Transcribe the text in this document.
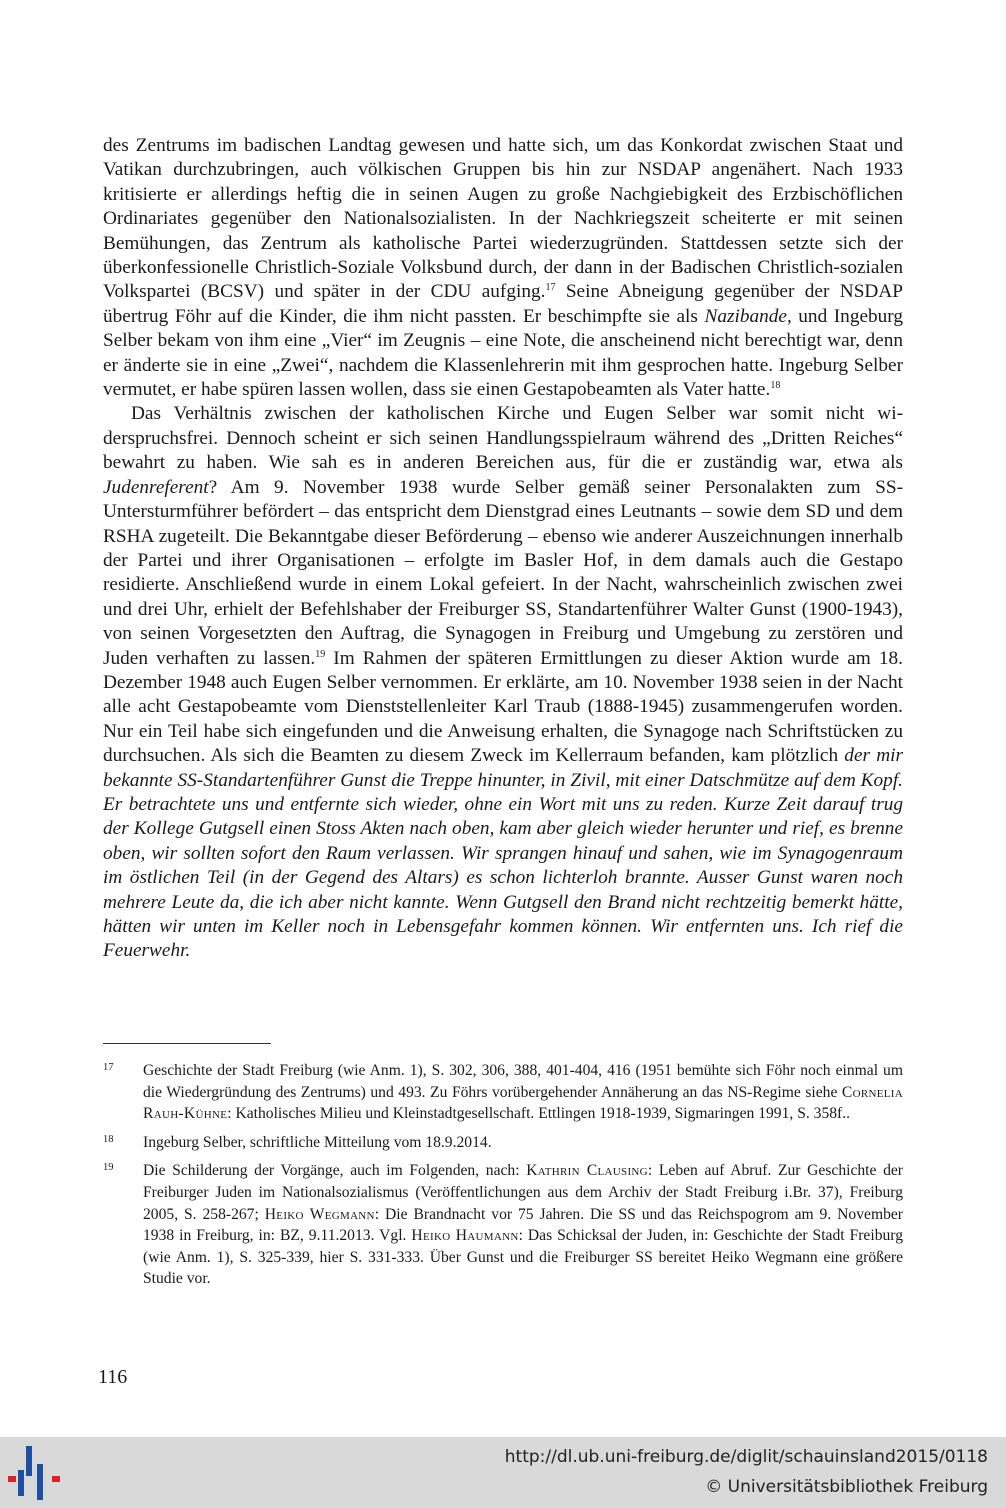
des Zentrums im badischen Landtag gewesen und hatte sich, um das Konkordat zwischen Staat und Vatikan durchzubringen, auch völkischen Gruppen bis hin zur NSDAP angenähert. Nach 1933 kritisierte er allerdings heftig die in seinen Augen zu große Nachgiebigkeit des Erzbischöflichen Ordinariates gegenüber den Nationalsozialisten. In der Nachkriegszeit scheiterte er mit seinen Bemühungen, das Zentrum als katholische Partei wiederzugründen. Stattdessen setzte sich der überkonfessionelle Christlich-Soziale Volksbund durch, der dann in der Badischen Christlich-sozialen Volkspartei (BCSV) und später in der CDU aufging.$^{17}$ Seine Abneigung gegenüber der NSDAP übertrug Föhr auf die Kinder, die ihm nicht passten. Er beschimpfte sie als Nazibande, und Ingeburg Selber bekam von ihm eine „Vier“ im Zeugnis – eine Note, die anscheinend nicht berechtigt war, denn er änderte sie in eine „Zwei“, nachdem die Klassenlehrerin mit ihm gesprochen hatte. Ingeburg Selber vermutet, er habe spüren lassen wollen, dass sie einen Gestapobeamten als Vater hatte.$^{18}$

Das Verhältnis zwischen der katholischen Kirche und Eugen Selber war somit nicht widerspruchsfrei. Dennoch scheint er sich seinen Handlungsspielraum während des „Dritten Reiches“ bewahrt zu haben. Wie sah es in anderen Bereichen aus, für die er zuständig war, etwa als Judenreferent? Am 9. November 1938 wurde Selber gemäß seiner Personalakten zum SS-Untersturmführer befördert – das entspricht dem Dienstgrad eines Leutnants – sowie dem SD und dem RSHA zugeteilt. Die Bekanntgabe dieser Beförderung – ebenso wie anderer Auszeichnungen innerhalb der Partei und ihrer Organisationen – erfolgte im Basler Hof, in dem damals auch die Gestapo residierte. Anschließend wurde in einem Lokal gefeiert. In der Nacht, wahrscheinlich zwischen zwei und drei Uhr, erhielt der Befehlshaber der Freiburger SS, Standartenführer Walter Gunst (1900-1943), von seinen Vorgesetzten den Auftrag, die Synagogen in Freiburg und Umgebung zu zerstören und Juden verhaften zu lassen.$^{19}$ Im Rahmen der späteren Ermittlungen zu dieser Aktion wurde am 18. Dezember 1948 auch Eugen Selber vernommen. Er erklärte, am 10. November 1938 seien in der Nacht alle acht Gestapobeamte vom Dienststellenleiter Karl Traub (1888-1945) zusammengerufen worden. Nur ein Teil habe sich eingefunden und die Anweisung erhalten, die Synagoge nach Schriftstücken zu durchsuchen. Als sich die Beamten zu diesem Zweck im Kellerraum befanden, kam plötzlich der mir bekannte SS-Standartenführer Gunst die Treppe hinunter, in Zivil, mit einer Datschmütze auf dem Kopf. Er betrachtete uns und entfernte sich wieder, ohne ein Wort mit uns zu reden. Kurze Zeit darauf trug der Kollege Gutgsell einen Stoss Akten nach oben, kam aber gleich wieder herunter und rief, es brenne oben, wir sollten sofort den Raum verlassen. Wir sprangen hinauf und sahen, wie im Synagogenraum im östlichen Teil (in der Gegend des Altars) es schon lichterloh brannte. Ausser Gunst waren noch mehrere Leute da, die ich aber nicht kannte. Wenn Gutgsell den Brand nicht rechtzeitig bemerkt hätte, hätten wir unten im Keller noch in Lebensgefahr kommen können. Wir entfernten uns. Ich rief die Feuerwehr.

17	Geschichte der Stadt Freiburg (wie Anm. 1), S. 302, 306, 388, 401-404, 416 (1951 bemühte sich Föhr noch einmal um die Wiedergründung des Zentrums) und 493. Zu Föhrs vorübergehender Annäherung an das NS-Regime siehe Cornelia Rauh-Kühne: Katholisches Milieu und Kleinstadtgesellschaft. Ettlingen 1918-1939, Sigmaringen 1991, S. 358f..
18	Ingeburg Selber, schriftliche Mitteilung vom 18.9.2014.
19	Die Schilderung der Vorgänge, auch im Folgenden, nach: Kathrin Clausing: Leben auf Abruf. Zur Geschichte der Freiburger Juden im Nationalsozialismus (Veröffentlichungen aus dem Archiv der Stadt Freiburg i.Br. 37), Freiburg 2005, S. 258-267; Heiko Wegmann: Die Brandnacht vor 75 Jahren. Die SS und das Reichspogrom am 9. November 1938 in Freiburg, in: BZ, 9.11.2013. Vgl. Heiko Haumann: Das Schicksal der Juden, in: Geschichte der Stadt Freiburg (wie Anm. 1), S. 325-339, hier S. 331-333. Über Gunst und die Freiburger SS bereitet Heiko Wegmann eine größere Studie vor.
116
http://dl.ub.uni-freiburg.de/diglit/schauinsland2015/0118
© Universitätsbibliothek Freiburg
